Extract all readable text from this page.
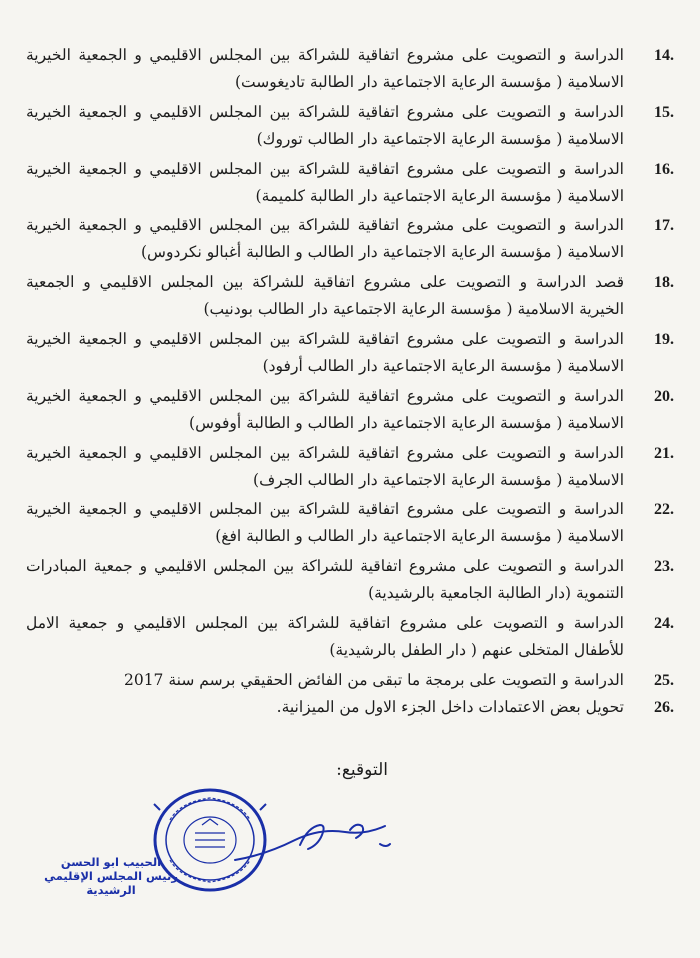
14.
الدراسة و التصويت على مشروع اتفاقية للشراكة بين المجلس الاقليمي و الجمعية الخيرية
الاسلامية ( مؤسسة الرعاية الاجتماعية دار الطالبة تاديغوست)
15.
الدراسة و التصويت على مشروع اتفاقية للشراكة بين المجلس الاقليمي و الجمعية الخيرية
الاسلامية ( مؤسسة الرعاية الاجتماعية دار الطالب توروك)
16.
الدراسة و التصويت على مشروع اتفاقية للشراكة بين المجلس الاقليمي و الجمعية الخيرية
الاسلامية ( مؤسسة الرعاية الاجتماعية دار الطالبة كلميمة)
17.
الدراسة و التصويت على مشروع اتفاقية للشراكة بين المجلس الاقليمي و الجمعية الخيرية
الاسلامية ( مؤسسة الرعاية الاجتماعية دار الطالب و الطالبة أغبالو نكردوس)
18.
قصد الدراسة و التصويت على مشروع اتفاقية للشراكة بين المجلس الاقليمي و الجمعية
الخيرية الاسلامية ( مؤسسة الرعاية الاجتماعية دار الطالب بودنيب)
19.
الدراسة و التصويت على مشروع اتفاقية للشراكة بين المجلس الاقليمي و الجمعية الخيرية
الاسلامية ( مؤسسة الرعاية الاجتماعية دار الطالب أرفود)
20.
الدراسة و التصويت على مشروع اتفاقية للشراكة بين المجلس الاقليمي و الجمعية الخيرية
الاسلامية ( مؤسسة الرعاية الاجتماعية دار الطالب و الطالبة أوفوس)
21.
الدراسة و التصويت على مشروع اتفاقية للشراكة بين المجلس الاقليمي و الجمعية الخيرية
الاسلامية ( مؤسسة الرعاية الاجتماعية دار الطالب الجرف)
22.
الدراسة و التصويت على مشروع اتفاقية للشراكة بين المجلس الاقليمي و الجمعية الخيرية
الاسلامية ( مؤسسة الرعاية الاجتماعية دار الطالب و الطالبة افغ)
23.
الدراسة و التصويت على مشروع اتفاقية للشراكة بين المجلس الاقليمي و جمعية المبادرات
التنموية (دار الطالبة الجامعية بالرشيدية)
24.
الدراسة و التصويت على مشروع اتفاقية للشراكة بين المجلس الاقليمي و جمعية الامل
للأطفال المتخلى عنهم ( دار الطفل بالرشيدية)
25.
الدراسة و التصويت على برمجة ما تبقى من الفائض الحقيقي برسم سنة 2017
26.
تحويل بعض الاعتمادات داخل الجزء الاول من الميزانية.
التوقيع:
الحبيب ابو الحسن
رئيس المجلس الإقليمي
الرشيدية
